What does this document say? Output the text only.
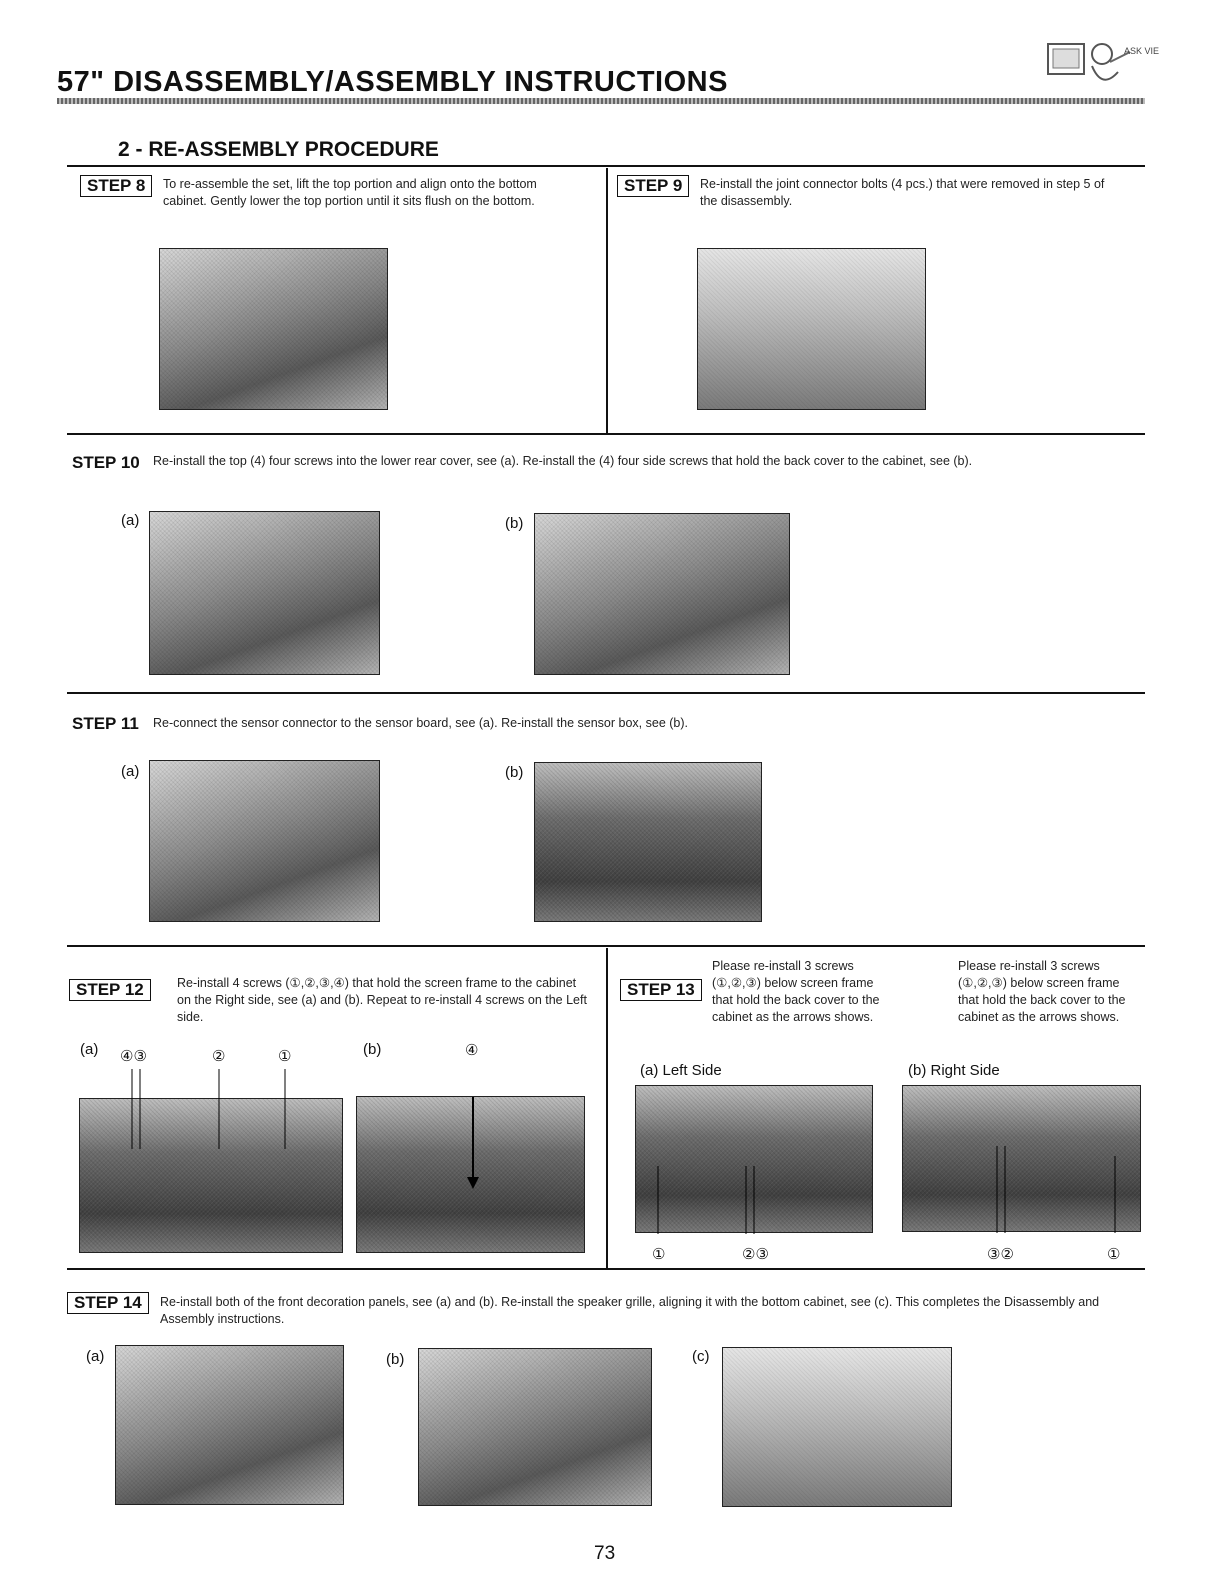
57" DISASSEMBLY/ASSEMBLY INSTRUCTIONS
ASK VIE
2 - RE-ASSEMBLY PROCEDURE
STEP 8	To re-assemble the set, lift the top portion and align onto the bottom cabinet. Gently lower the top portion until it sits flush on the bottom.
STEP 9	Re-install the joint connector bolts (4 pcs.) that were removed in step 5 of the disassembly.
STEP 10 Re-install the top (4) four screws into the lower rear cover, see (a). Re-install the (4) four side screws that hold the back cover to the cabinet, see (b).
(a)	(b)
STEP 11 Re-connect the sensor connector to the sensor board, see (a). Re-install the sensor box, see (b).
(a)	(b)
STEP 12	Re-install 4 screws (①,②,③,④) that hold the screen frame to the cabinet on the Right side, see (a) and (b). Repeat to re-install 4 screws on the Left side.
(a) ④③	②	①	(b)	④
STEP 13
Please re-install 3 screws (①,②,③) below screen frame that hold the back cover to the cabinet as the arrows shows.
Please re-install 3 screws (①,②,③) below screen frame that hold the back cover to the cabinet as the arrows shows.
(a) Left Side	(b) Right Side
①	②③	③②	①
STEP 14	Re-install both of the front decoration panels, see (a) and (b). Re-install the speaker grille, aligning it with the bottom cabinet, see (c). This completes the Disassembly and Assembly instructions.
(a)	(b)	(c)
73
